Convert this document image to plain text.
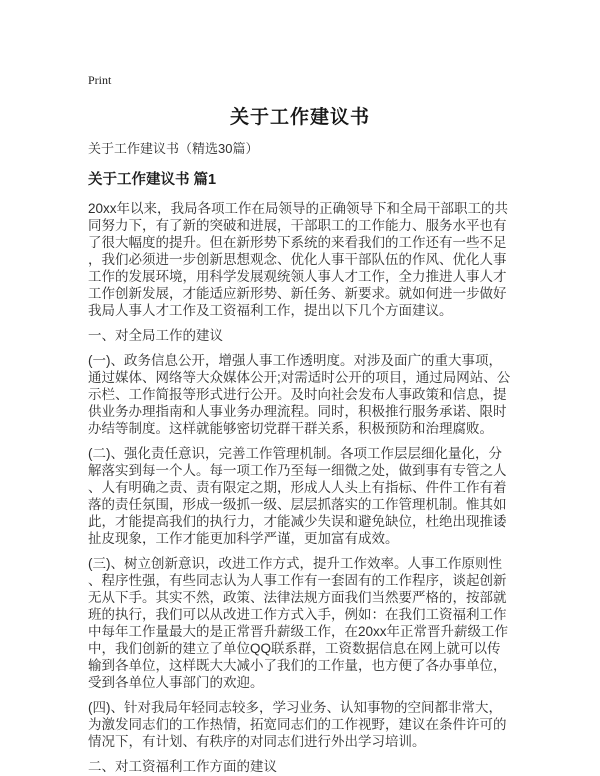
Print
关于工作建议书

关于工作建议书（精选30篇）

关于工作建议书 篇1

20xx年以来，我局各项工作在局领导的正确领导下和全局干部职工的共同努力下，有了新的突破和进展，干部职工的工作能力、服务水平也有了很大幅度的提升。但在新形势下系统的来看我们的工作还有一些不足，我们必须进一步创新思想观念、优化人事干部队伍的作风、优化人事工作的发展环境，用科学发展观统领人事人才工作，全力推进人事人才工作创新发展，才能适应新形势、新任务、新要求。就如何进一步做好我局人事人才工作及工资福利工作，提出以下几个方面建议。

一、对全局工作的建议

(一)、政务信息公开，增强人事工作透明度。对涉及面广的重大事项，通过媒体、网络等大众媒体公开;对需适时公开的项目，通过局网站、公示栏、工作简报等形式进行公开。及时向社会发布人事政策和信息，提供业务办理指南和人事业务办理流程。同时，积极推行服务承诺、限时办结等制度。这样就能够密切党群干群关系，积极预防和治理腐败。

(二)、强化责任意识，完善工作管理机制。各项工作层层细化量化，分解落实到每一个人。每一项工作乃至每一细微之处，做到事有专管之人、人有明确之责、责有限定之期，形成人人头上有指标、件件工作有着落的责任氛围，形成一级抓一级、层层抓落实的工作管理机制。惟其如此，才能提高我们的执行力，才能减少失误和避免缺位，杜绝出现推诿扯皮现象，工作才能更加科学严谨，更加富有成效。

(三)、树立创新意识，改进工作方式，提升工作效率。人事工作原则性、程序性强，有些同志认为人事工作有一套固有的工作程序，谈起创新无从下手。其实不然，政策、法律法规方面我们当然要严格的，按部就班的执行，我们可以从改进工作方式入手，例如：在我们工资福利工作中每年工作量最大的是正常晋升薪级工作，在20xx年正常晋升薪级工作中，我们创新的建立了单位QQ联系群，工资数据信息在网上就可以传输到各单位，这样既大大减小了我们的工作量，也方便了各办事单位，受到各单位人事部门的欢迎。

(四)、针对我局年轻同志较多，学习业务、认知事物的空间都非常大，为激发同志们的工作热情，拓宽同志们的工作视野，建议在条件许可的情况下，有计划、有秩序的对同志们进行外出学习培训。

二、对工资福利工作方面的建议
